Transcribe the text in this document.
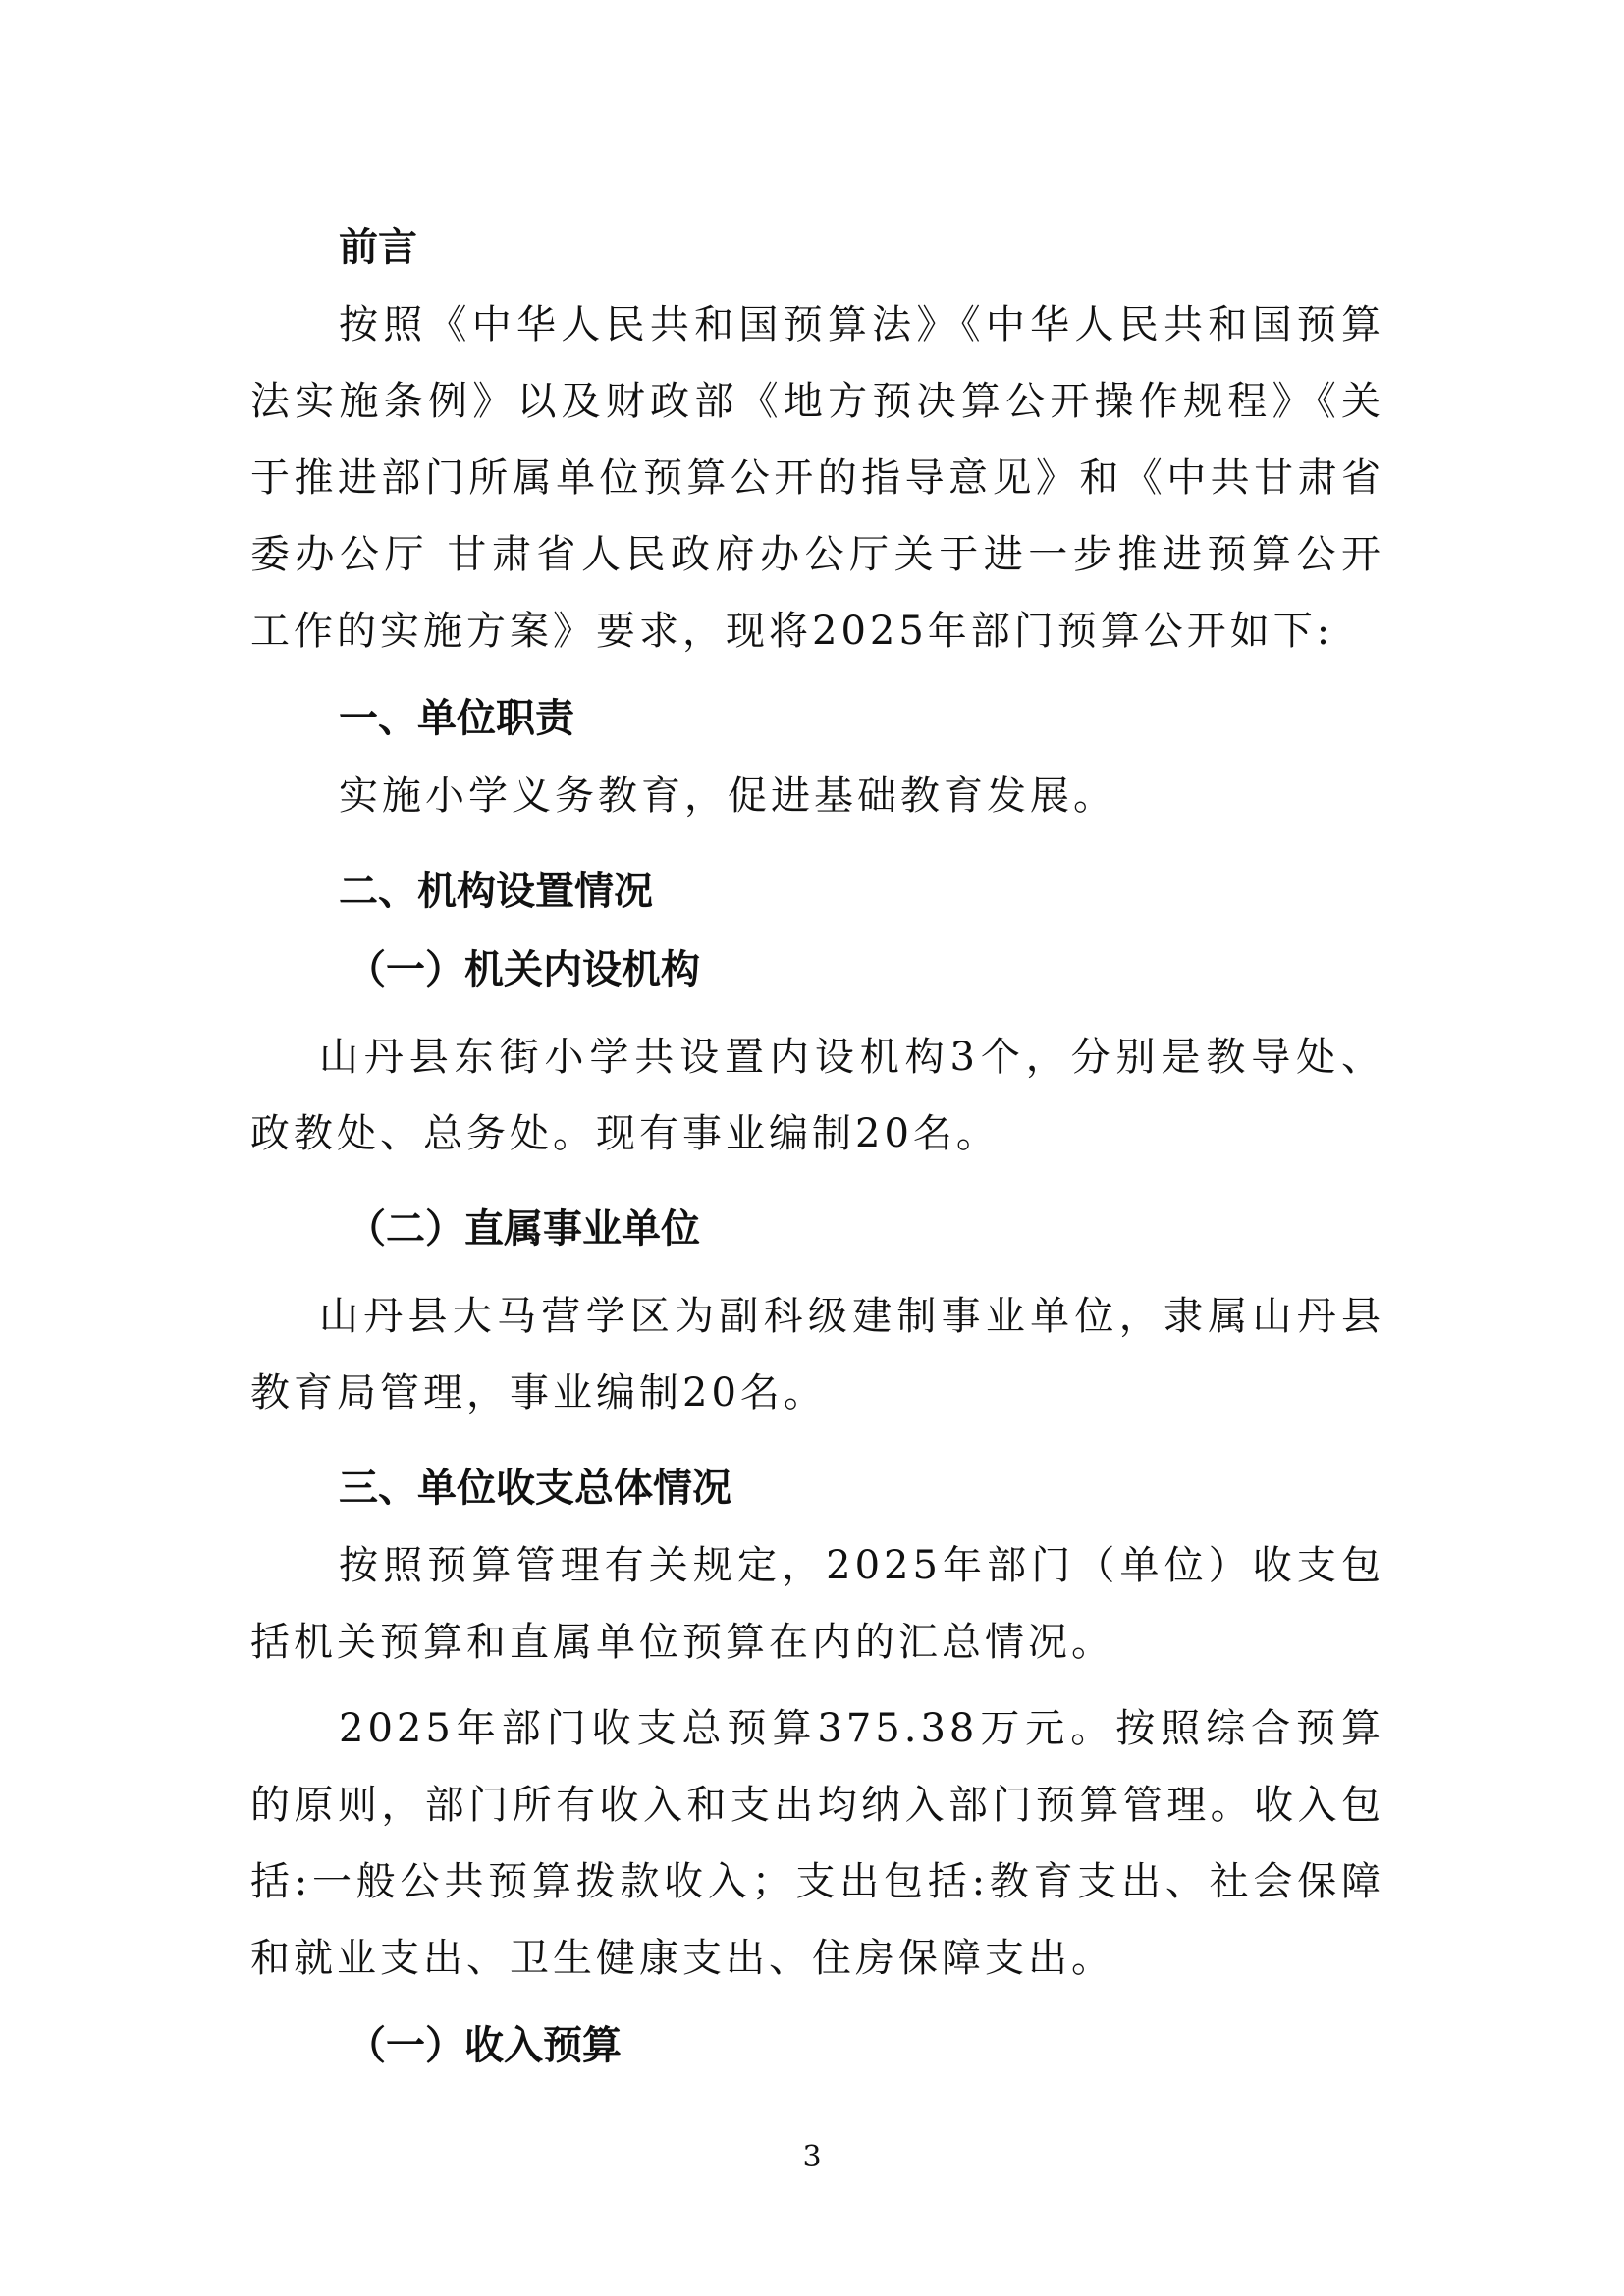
前言

按照《中华人民共和国预算法》《中华人民共和国预算法实施条例》以及财政部《地方预决算公开操作规程》《关于推进部门所属单位预算公开的指导意见》和《中共甘肃省委办公厅 甘肃省人民政府办公厅关于进一步推进预算公开工作的实施方案》要求，现将2025年部门预算公开如下:

一、单位职责

实施小学义务教育，促进基础教育发展。

二、机构设置情况

（一）机关内设机构

山丹县东街小学共设置内设机构3个，分别是教导处、政教处、总务处。现有事业编制20名。

（二）直属事业单位

山丹县大马营学区为副科级建制事业单位，隶属山丹县教育局管理，事业编制20名。

三、单位收支总体情况

按照预算管理有关规定，2025年部门（单位）收支包括机关预算和直属单位预算在内的汇总情况。

2025年部门收支总预算375.38万元。按照综合预算的原则，部门所有收入和支出均纳入部门预算管理。收入包括:一般公共预算拨款收入；支出包括:教育支出、社会保障和就业支出、卫生健康支出、住房保障支出。

（一）收入预算

3
